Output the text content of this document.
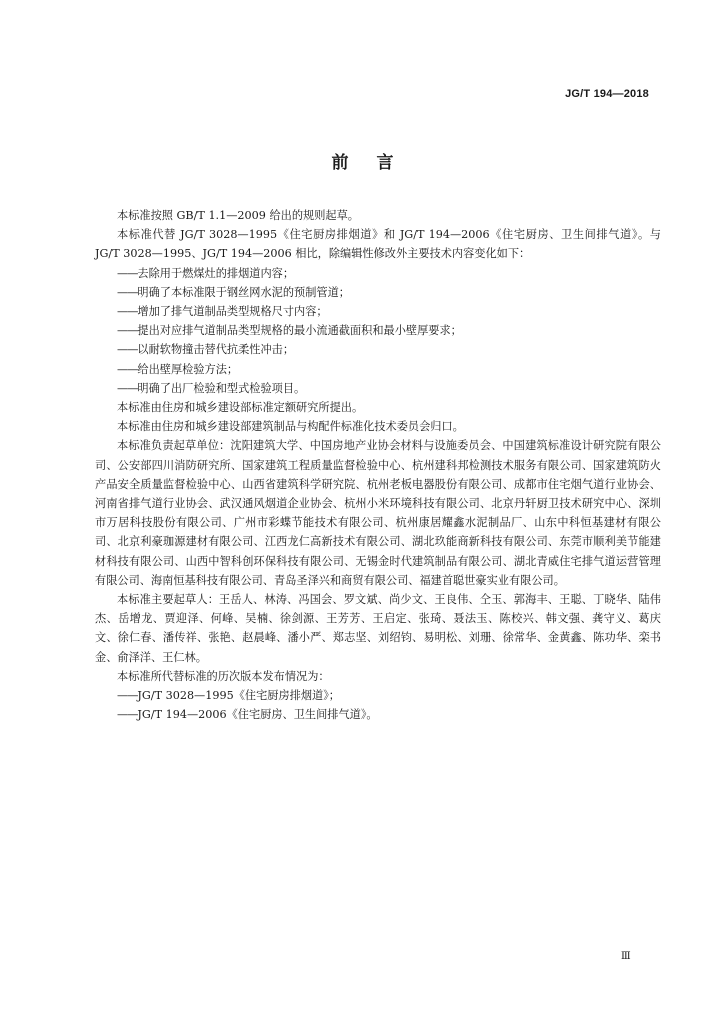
JG/T 194—2018
前言

本标准按照 GB/T 1.1—2009 给出的规则起草。

本标准代替 JG/T 3028—1995《住宅厨房排烟道》和 JG/T 194—2006《住宅厨房、卫生间排气道》。与 JG/T 3028—1995、JG/T 194—2006 相比，除编辑性修改外主要技术内容变化如下：

—— 去除用于燃煤灶的排烟道内容；

—— 明确了本标准限于钢丝网水泥的预制管道；

—— 增加了排气道制品类型规格尺寸内容；

—— 提出对应排气道制品类型规格的最小流通截面积和最小壁厚要求；

—— 以耐软物撞击替代抗柔性冲击；

—— 给出壁厚检验方法；

—— 明确了出厂检验和型式检验项目。

本标准由住房和城乡建设部标准定额研究所提出。

本标准由住房和城乡建设部建筑制品与构配件标准化技术委员会归口。

本标准负责起草单位：沈阳建筑大学、中国房地产业协会材料与设施委员会、中国建筑标准设计研究院有限公司、公安部四川消防研究所、国家建筑工程质量监督检验中心、杭州建科邦检测技术服务有限公司、国家建筑防火产品安全质量监督检验中心、山西省建筑科学研究院、杭州老板电器股份有限公司、成都市住宅烟气道行业协会、河南省排气道行业协会、武汉通风烟道企业协会、杭州小米环境科技有限公司、北京丹轩厨卫技术研究中心、深圳市万居科技股份有限公司、广州市彩蝶节能技术有限公司、杭州康居耀鑫水泥制品厂、山东中科恒基建材有限公司、北京利豪珈源建材有限公司、江西龙仁高新技术有限公司、湖北玖能商新科技有限公司、东莞市顺利美节能建材科技有限公司、山西中智科创环保科技有限公司、无锡金时代建筑制品有限公司、湖北青威住宅排气道运营管理有限公司、海南恒基科技有限公司、青岛圣泽兴和商贸有限公司、福建首聪世豪实业有限公司。

本标准主要起草人：王岳人、林涛、冯国会、罗文斌、尚少文、王良伟、仝玉、郭海丰、王聪、丁晓华、陆伟杰、岳增龙、贾迎泽、何峰、吴楠、徐剑源、王芳芳、王启定、张琦、聂法玉、陈校兴、韩文强、龚守义、葛庆文、徐仁春、潘传祥、张艳、赵晨峰、潘小严、郑志坚、刘绍钧、易明松、刘珊、徐常华、金黄鑫、陈功华、栾书金、俞泽洋、王仁林。

本标准所代替标准的历次版本发布情况为：

—— JG/T 3028—1995《住宅厨房排烟道》；

—— JG/T 194—2006《住宅厨房、卫生间排气道》。

Ⅲ
